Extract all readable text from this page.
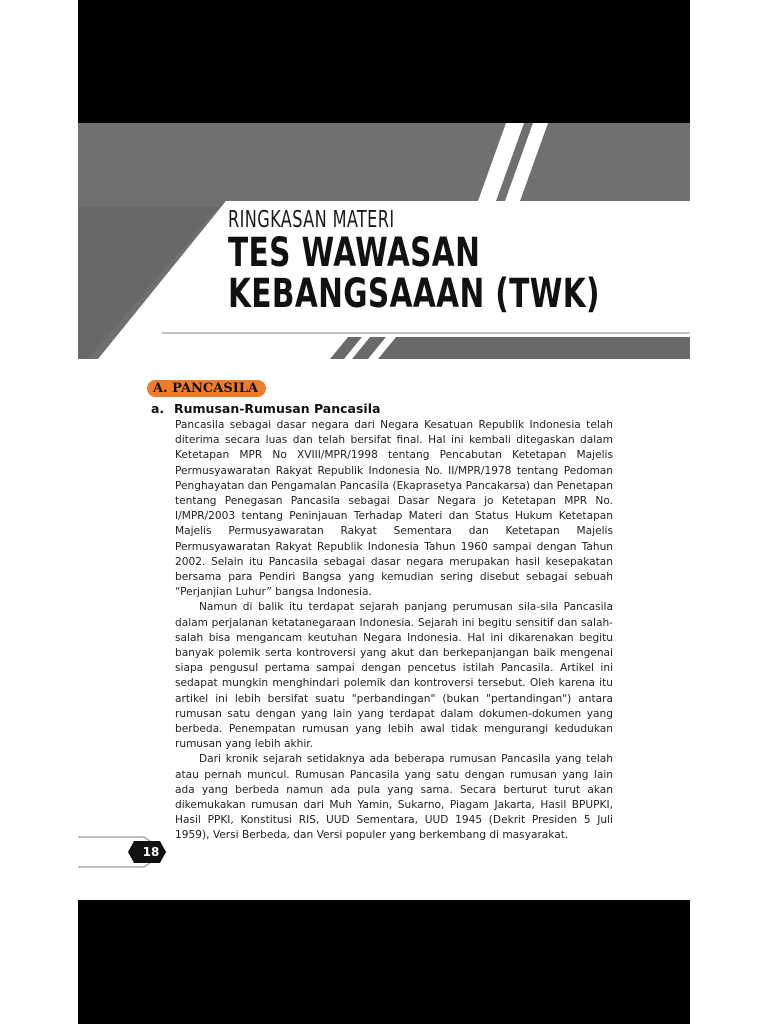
RINGKASAN MATERI
TES WAWASAN
KEBANGSAAAN (TWK)
A. PANCASILA
a. Rumusan-Rumusan Pancasila

Pancasila sebagai dasar negara dari Negara Kesatuan Republik Indonesia telah diterima secara luas dan telah bersifat final. Hal ini kembali ditegaskan dalam Ketetapan MPR No XVIII/MPR/1998 tentang Pencabutan Ketetapan Majelis Permusyawaratan Rakyat Republik Indonesia No. II/MPR/1978 tentang Pedoman Penghayatan dan Pengamalan Pancasila (Ekaprasetya Pancakarsa) dan Penetapan tentang Penegasan Pancasila sebagai Dasar Negara jo Ketetapan MPR No. I/MPR/2003 tentang Peninjauan Terhadap Materi dan Status Hukum Ketetapan Majelis Permusyawaratan Rakyat Sementara dan Ketetapan Majelis Permusyawaratan Rakyat Republik Indonesia Tahun 1960 sampai dengan Tahun 2002. Selain itu Pancasila sebagai dasar negara merupakan hasil kesepakatan bersama para Pendiri Bangsa yang kemudian sering disebut sebagai sebuah “Perjanjian Luhur” bangsa Indonesia.

Namun di balik itu terdapat sejarah panjang perumusan sila-sila Pancasila dalam perjalanan ketatanegaraan Indonesia. Sejarah ini begitu sensitif dan salah-salah bisa mengancam keutuhan Negara Indonesia. Hal ini dikarenakan begitu banyak polemik serta kontroversi yang akut dan berkepanjangan baik mengenai siapa pengusul pertama sampai dengan pencetus istilah Pancasila. Artikel ini sedapat mungkin menghindari polemik dan kontroversi tersebut. Oleh karena itu artikel ini lebih bersifat suatu "perbandingan" (bukan "pertandingan") antara rumusan satu dengan yang lain yang terdapat dalam dokumen-dokumen yang berbeda. Penempatan rumusan yang lebih awal tidak mengurangi kedudukan rumusan yang lebih akhir.

Dari kronik sejarah setidaknya ada beberapa rumusan Pancasila yang telah atau pernah muncul. Rumusan Pancasila yang satu dengan rumusan yang lain ada yang berbeda namun ada pula yang sama. Secara berturut turut akan dikemukakan rumusan dari Muh Yamin, Sukarno, Piagam Jakarta, Hasil BPUPKI, Hasil PPKI, Konstitusi RIS, UUD Sementara, UUD 1945 (Dekrit Presiden 5 Juli 1959), Versi Berbeda, dan Versi populer yang berkembang di masyarakat.

18
